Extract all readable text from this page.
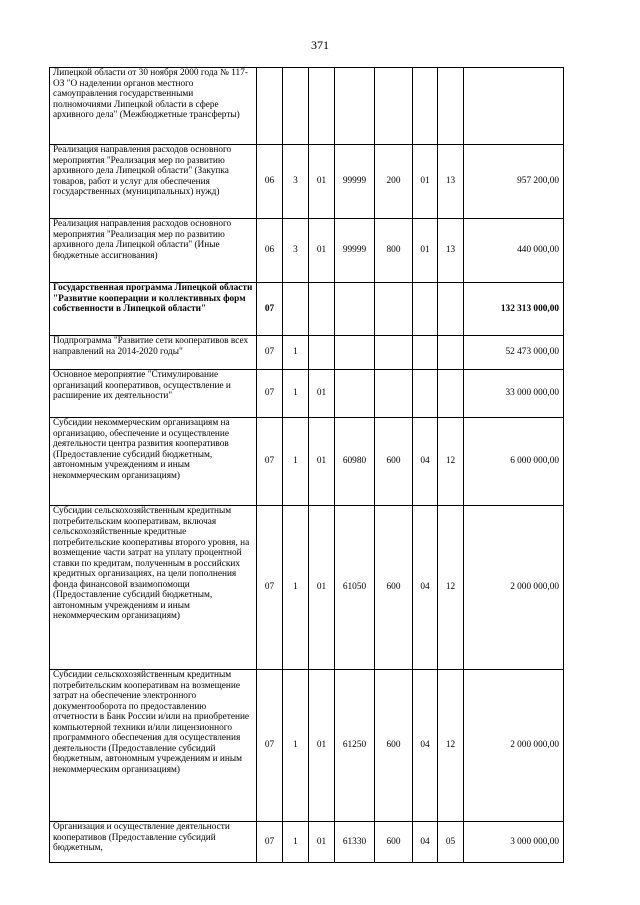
371
Липецкой области от 30 ноября 2000 года № 117-ОЗ "О наделении органов местного самоуправления государственными полномочиями Липецкой области в сфере архивного дела" (Межбюджетные трансферты)								
Реализация направления расходов основного мероприятия "Реализация мер по развитию архивного дела Липецкой области" (Закупка товаров, работ и услуг для обеспечения государственных (муниципальных) нужд)	06	3	01	99999	200	01	13	957 200,00
Реализация направления расходов основного мероприятия "Реализация мер по развитию архивного дела Липецкой области" (Иные бюджетные ассигнования)	06	3	01	99999	800	01	13	440 000,00
Государственная программа Липецкой области "Развитие кооперации и коллективных форм собственности в Липецкой области"	07							132 313 000,00
Подпрограмма "Развитие сети кооперативов всех направлений на 2014-2020 годы"	07	1						52 473 000,00
Основное мероприятие "Стимулирование организаций кооперативов, осуществление и расширение их деятельности"	07	1	01					33 000 000,00
Субсидии некоммерческим организациям на организацию, обеспечение и осуществление деятельности центра развития кооперативов (Предоставление субсидий бюджетным, автономным учреждениям и иным некоммерческим организациям)	07	1	01	60980	600	04	12	6 000 000,00
Субсидии сельскохозяйственным кредитным потребительским кооперативам, включая сельскохозяйственные кредитные потребительские кооперативы второго уровня, на возмещение части затрат на уплату процентной ставки по кредитам, полученным в российских кредитных организациях, на цели пополнения фонда финансовой взаимопомощи (Предоставление субсидий бюджетным, автономным учреждениям и иным некоммерческим организациям)	07	1	01	61050	600	04	12	2 000 000,00
Субсидии сельскохозяйственным кредитным потребительским кооперативам на возмещение затрат на обеспечение электронного документооборота по предоставлению отчетности в Банк России и/или на приобретение компьютерной техники и/или лицензионного программного обеспечения для осуществления деятельности (Предоставление субсидий бюджетным, автономным учреждениям и иным некоммерческим организациям)	07	1	01	61250	600	04	12	2 000 000,00
Организация и осуществление деятельности кооперативов (Предоставление субсидий бюджетным,	07	1	01	61330	600	04	05	3 000 000,00
